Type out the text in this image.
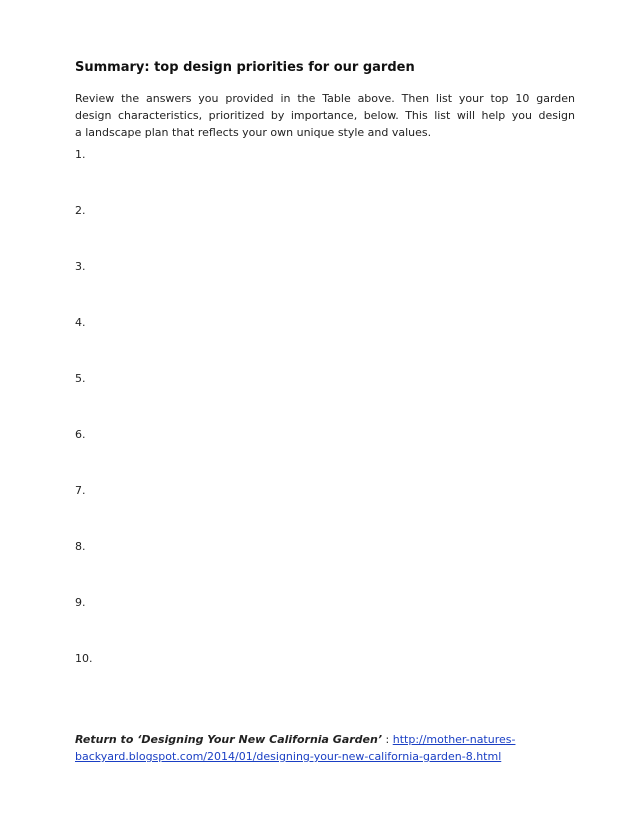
Summary: top design priorities for our garden
Review the answers you provided in the Table above. Then list your top 10 garden
design characteristics, prioritized by importance, below. This list will help you design
a landscape plan that reflects your own unique style and values.
1.
2.
3.
4.
5.
6.
7.
8.
9.
10.
Return to ‘Designing Your New California Garden’ : http://mother-natures-
backyard.blogspot.com/2014/01/designing-your-new-california-garden-8.html
